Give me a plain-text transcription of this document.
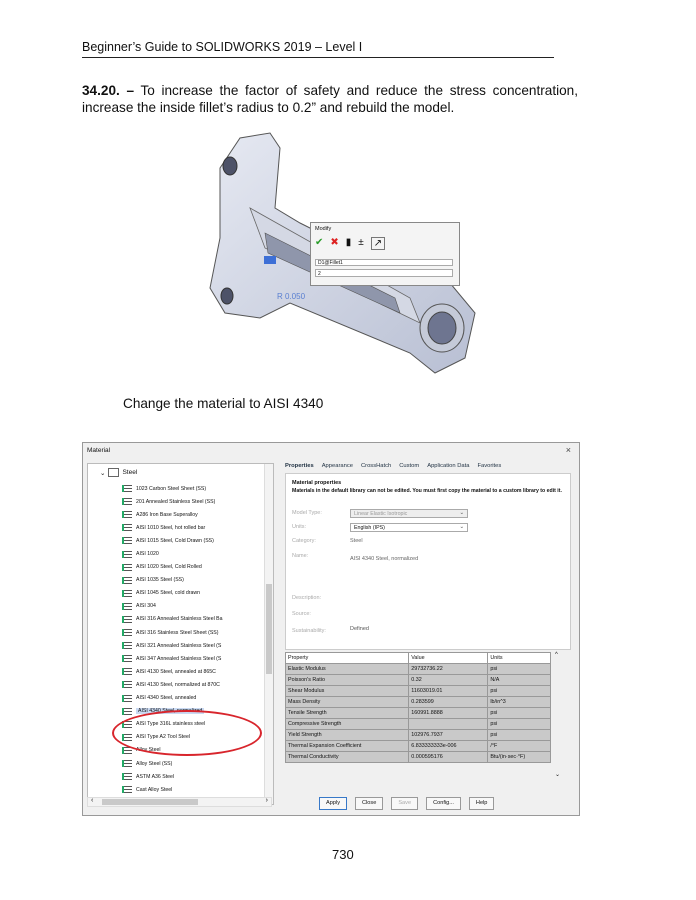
Beginner’s Guide to SOLIDWORKS 2019 – Level I
34.20. – To increase the factor of safety and reduce the stress concentration, increase the inside fillet’s radius to 0.2” and rebuild the model.
Modify
✔ ✖ ▮ ±	↗
D1@Fillet1
2
R 0.050
Change the material to AISI 4340
Material	×
⌄	Steel
1023 Carbon Steel Sheet (SS)
201 Annealed Stainless Steel (SS)
A286 Iron Base Superalloy
AISI 1010 Steel, hot rolled bar
AISI 1015 Steel, Cold Drawn (SS)
AISI 1020
AISI 1020 Steel, Cold Rolled
AISI 1035 Steel (SS)
AISI 1045 Steel, cold drawn
AISI 304
AISI 316 Annealed Stainless Steel Ba
AISI 316 Stainless Steel Sheet (SS)
AISI 321 Annealed Stainless Steel (S
AISI 347 Annealed Stainless Steel (S
AISI 4130 Steel, annealed at 865C
AISI 4130 Steel, normalized at 870C
AISI 4340 Steel, annealed
AISI 4340 Steel, normalized
AISI Type 316L stainless steel
AISI Type A2 Tool Steel
Alloy Steel
Alloy Steel (SS)
ASTM A36 Steel
Cast Alloy Steel
‹	›
Properties Appearance CrossHatch Custom Application Data Favorites
Material properties
Materials in the default library can not be edited. You must first copy the material to a custom library to edit it.
Model Type:	Linear Elastic Isotropic	⌄
Units:	English (IPS)	⌄
Category:	Steel
Name:	AISI 4340 Steel, normalized
Description:
Source:
Sustainability:	Defined
Property	Value	Units
Elastic Modulus	29732736.22	psi
Poisson's Ratio	0.32	N/A
Shear Modulus	11603019.01	psi
Mass Density	0.283599	lb/in^3
Tensile Strength	160991.8888	psi
Compressive Strength		psi
Yield Strength	102976.7937	psi
Thermal Expansion Coefficient	6.833333333e-006	/°F
Thermal Conductivity	0.000595176	Btu/(in·sec·°F)
^
⌄
Apply	Close	Save	Config...	Help
730
